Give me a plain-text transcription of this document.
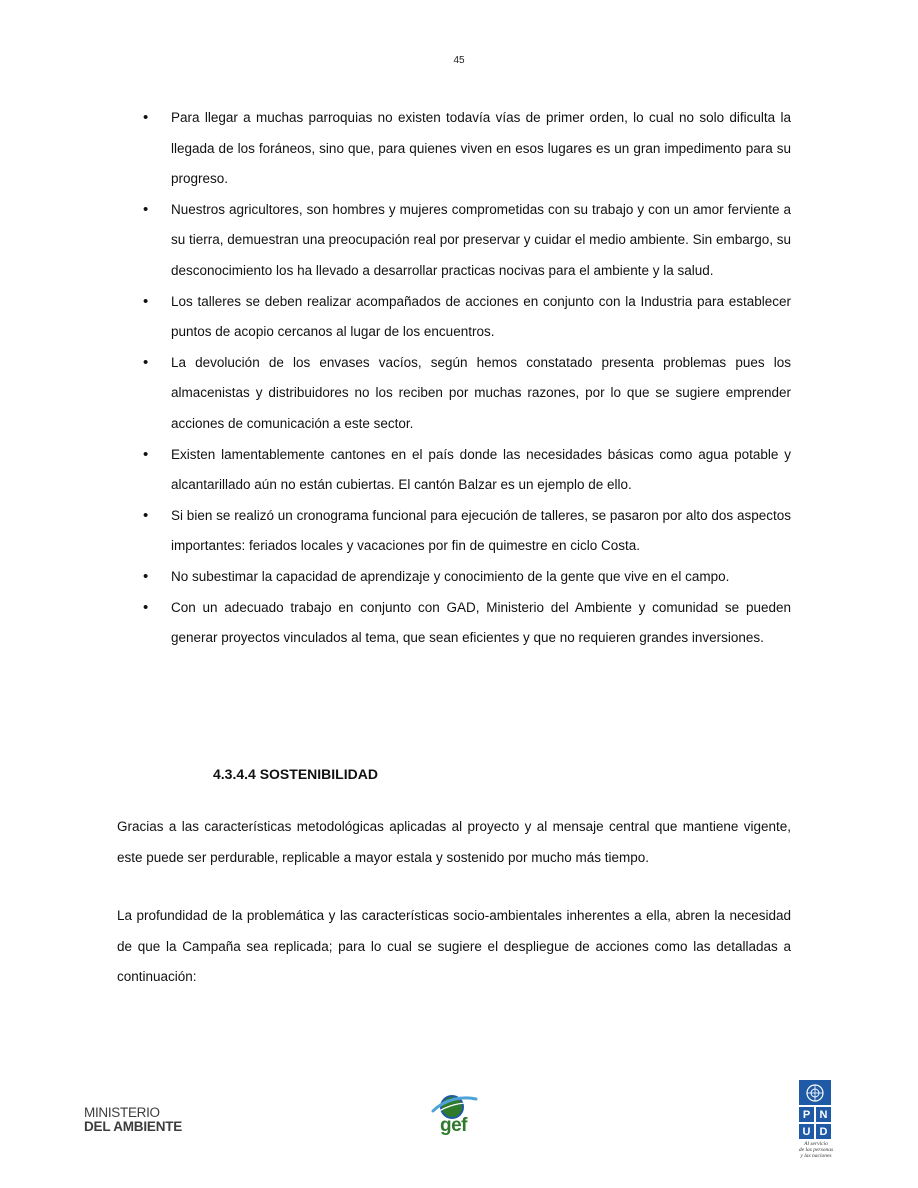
45
• Para llegar a muchas parroquias no existen todavía vías de primer orden, lo cual no solo dificulta la llegada de los foráneos, sino que, para quienes viven en esos lugares es un gran impedimento para su progreso.
• Nuestros agricultores, son hombres y mujeres comprometidas con su trabajo y con un amor ferviente a su tierra, demuestran una preocupación real por preservar y cuidar el medio ambiente. Sin embargo, su desconocimiento los ha llevado a desarrollar practicas nocivas para el ambiente y la salud.
• Los talleres se deben realizar acompañados de acciones en conjunto con la Industria para establecer puntos de acopio cercanos al lugar de los encuentros.
• La devolución de los envases vacíos, según hemos constatado presenta problemas pues los almacenistas y distribuidores no los reciben por muchas razones, por lo que se sugiere emprender acciones de comunicación a este sector.
• Existen lamentablemente cantones en el país donde las necesidades básicas como agua potable y alcantarillado aún no están cubiertas. El cantón Balzar es un ejemplo de ello.
• Si bien se realizó un cronograma funcional para ejecución de talleres, se pasaron por alto dos aspectos importantes: feriados locales y vacaciones por fin de quimestre en ciclo Costa.
• No subestimar la capacidad de aprendizaje y conocimiento de la gente que vive en el campo.
• Con un adecuado trabajo en conjunto con GAD, Ministerio del Ambiente y comunidad se pueden generar proyectos vinculados al tema, que sean eficientes y que no requieren grandes inversiones.
4.3.4.4 SOSTENIBILIDAD

Gracias a las características metodológicas aplicadas al proyecto y al mensaje central que mantiene vigente, este puede ser perdurable, replicable a mayor estala y sostenido por mucho más tiempo.

La profundidad de la problemática y las características socio-ambientales inherentes a ella, abren la necesidad de que la Campaña sea replicada; para lo cual se sugiere el despliegue de acciones como las detalladas a continuación:

MINISTERIO
DEL AMBIENTE	gef
P N
U D
Al servicio
de las personas
y las naciones
